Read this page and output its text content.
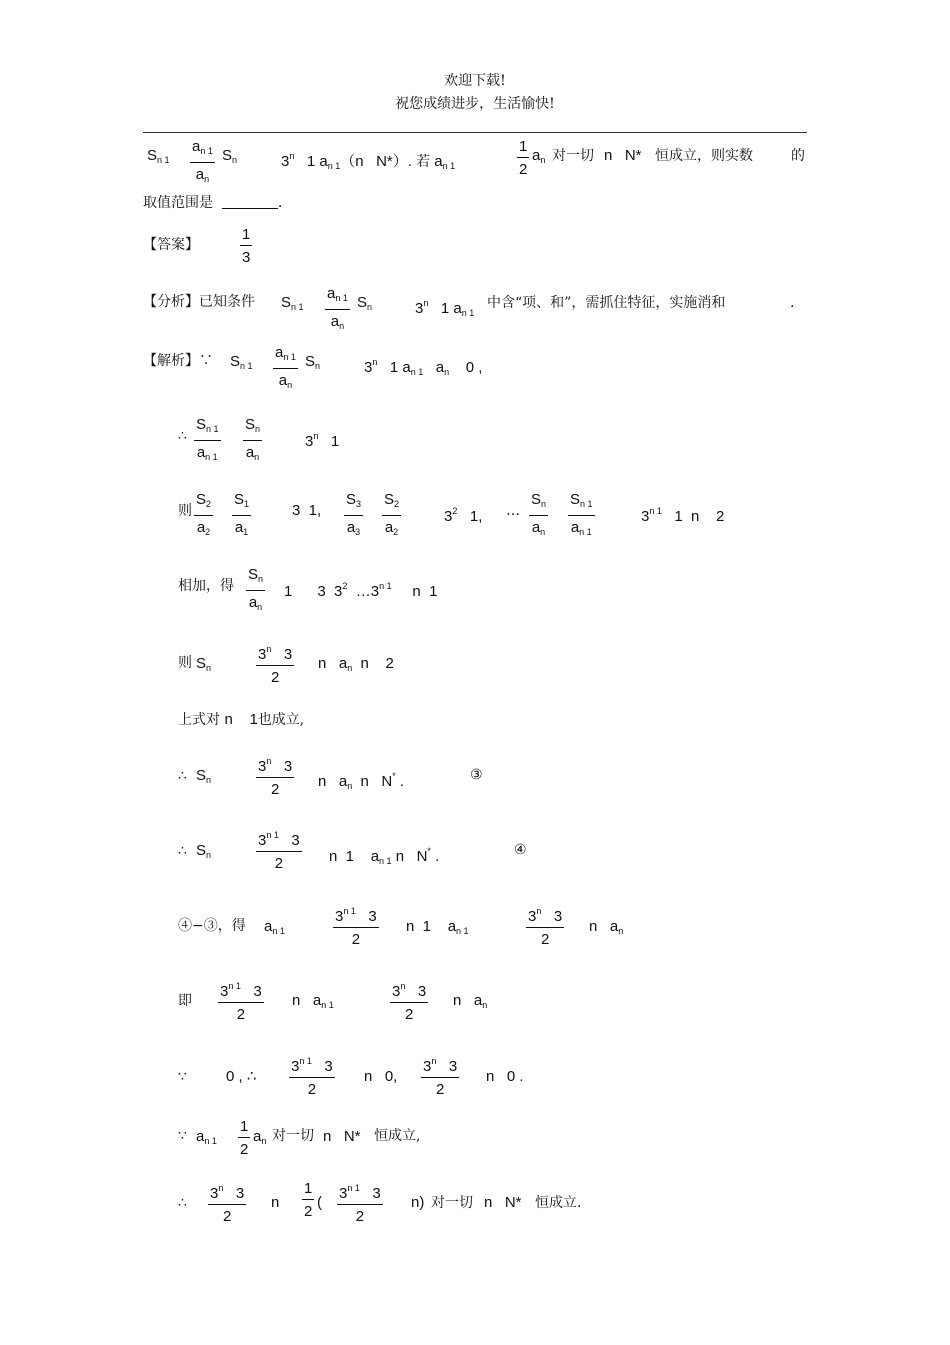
欢迎下载!
祝您成绩进步，生活愉快!
$S_{n 1} \frac{a_{n 1}}{a_n} S_n$	3$^n$   1 $a_{n 1}(n$   N*）. 若 $a_{n 1}$	$\frac{1}{2} a_n$ 对一切 n   N* 恒成立，则实数	的
取值范围是	.
【答案】	$\frac{1}{3}$
【分析】已知条件 $S_{n 1} \frac{a_{n 1}}{a_n} S_n$	3$^n$   1 $a_{n 1}$
中含“项、和”，需抓住特征，实施消和	.
【解析】∵ $S_{n 1} \frac{a_{n 1}}{a_n} S_n$	3$^n$   1 $a_{n 1}$   $a_n$    0 ,
∴ $\frac{S_{n 1}}{a_{n 1}} \frac{S_n}{a_n}$	3$^n$   1
则 $\frac{S_2}{a_2} \frac{S_1}{a_1}$	3  1, $\frac{S_3}{a_3} \frac{S_2}{a_2}$	$3^2$   1, … $\frac{S_n}{a_n} \frac{S_{n 1}}{a_{n 1}}$	$3^{n 1}$   1  n    2
相加，得 $\frac{S_n}{a_n} 1$      3  $3^2$  $\dots 3^{n 1}$     n  1
则 $S_n$	$\frac{3^n 3}{2}$ n   $a_n$  n    2
上式对 n    1也成立,
∴ $S_n$	$\frac{3^n 3}{2}$ n   $a_n$  n   N* .	③
∴ $S_n$	$\frac{3^{n 1} 3}{2}$ n  1    $a_{n 1}$ n   N* .	④
④−③，得 $a_{n 1}$	$\frac{3^{n 1} 3}{2}$ n  1    $a_{n 1}$	$\frac{3^n 3}{2}$ n   $a_n$
即 $\frac{3^{n 1} 3}{2}$ n   $a_{n 1}$	$\frac{3^n 3}{2}$ n   $a_n$
∵	0 , ∴ $\frac{3^{n 1} 3}{2}$ n   0, $\frac{3^n 3}{2}$ n   0 .
∵ $a_{n 1} \frac{1}{2} a_n$ 对一切 n   N* 恒成立,
∴ $\frac{3^n 3}{2}$ n $\frac{1}{2}$ ( $\frac{3^{n 1} 3}{2} n$) 对一切 n   N* 恒成立.
